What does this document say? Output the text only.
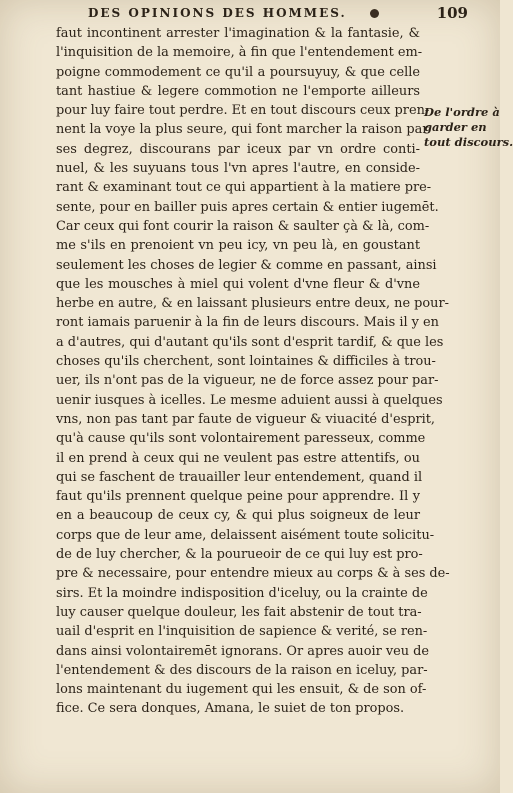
DES OPINIONS DES HOMMES.	109
faut incontinent arrester l'imagination & la fantasie, &
l'inquisition de la memoire, à fin que l'entendement em-
poigne commodement ce qu'il a poursuyuy, & que celle
tant hastiue & legere commotion ne l'emporte ailleurs
pour luy faire tout perdre. Et en tout discours ceux pren-
nent la voye la plus seure, qui font marcher la raison par
ses degrez, discourans par iceux par vn ordre conti-
nuel, & les suyuans tous l'vn apres l'autre, en conside-
rant & examinant tout ce qui appartient à la matiere pre-
sente, pour en bailler puis apres certain & entier iugemēt.
Car ceux qui font courir la raison & saulter çà & là, com-
me s'ils en prenoient vn peu icy, vn peu là, en goustant
seulement les choses de legier & comme en passant, ainsi
que les mousches à miel qui volent d'vne fleur & d'vne
herbe en autre, & en laissant plusieurs entre deux, ne pour-
ront iamais paruenir à la fin de leurs discours. Mais il y en
a d'autres, qui d'autant qu'ils sont d'esprit tardif, & que les
choses qu'ils cherchent, sont lointaines & difficiles à trou-
uer, ils n'ont pas de la vigueur, ne de force assez pour par-
uenir iusques à icelles. Le mesme aduient aussi à quelques
vns, non pas tant par faute de vigueur & viuacité d'esprit,
qu'à cause qu'ils sont volontairement paresseux, comme
il en prend à ceux qui ne veulent pas estre attentifs, ou
qui se faschent de trauailler leur entendement, quand il
faut qu'ils prennent quelque peine pour apprendre. Il y
en a beaucoup de ceux cy, & qui plus soigneux de leur
corps que de leur ame, delaissent aisément toute solicitu-
de de luy chercher, & la pourueoir de ce qui luy est pro-
pre & necessaire, pour entendre mieux au corps & à ses de-
sirs. Et la moindre indisposition d'iceluy, ou la crainte de
luy causer quelque douleur, les fait abstenir de tout tra-
uail d'esprit en l'inquisition de sapience & verité, se ren-
dans ainsi volontairemēt ignorans. Or apres auoir veu de
l'entendement & des discours de la raison en iceluy, par-
lons maintenant du iugement qui les ensuit, & de son of-
fice. Ce sera donques, Amana, le suiet de ton propos.
De l'ordre à
garder en
tout discours.
